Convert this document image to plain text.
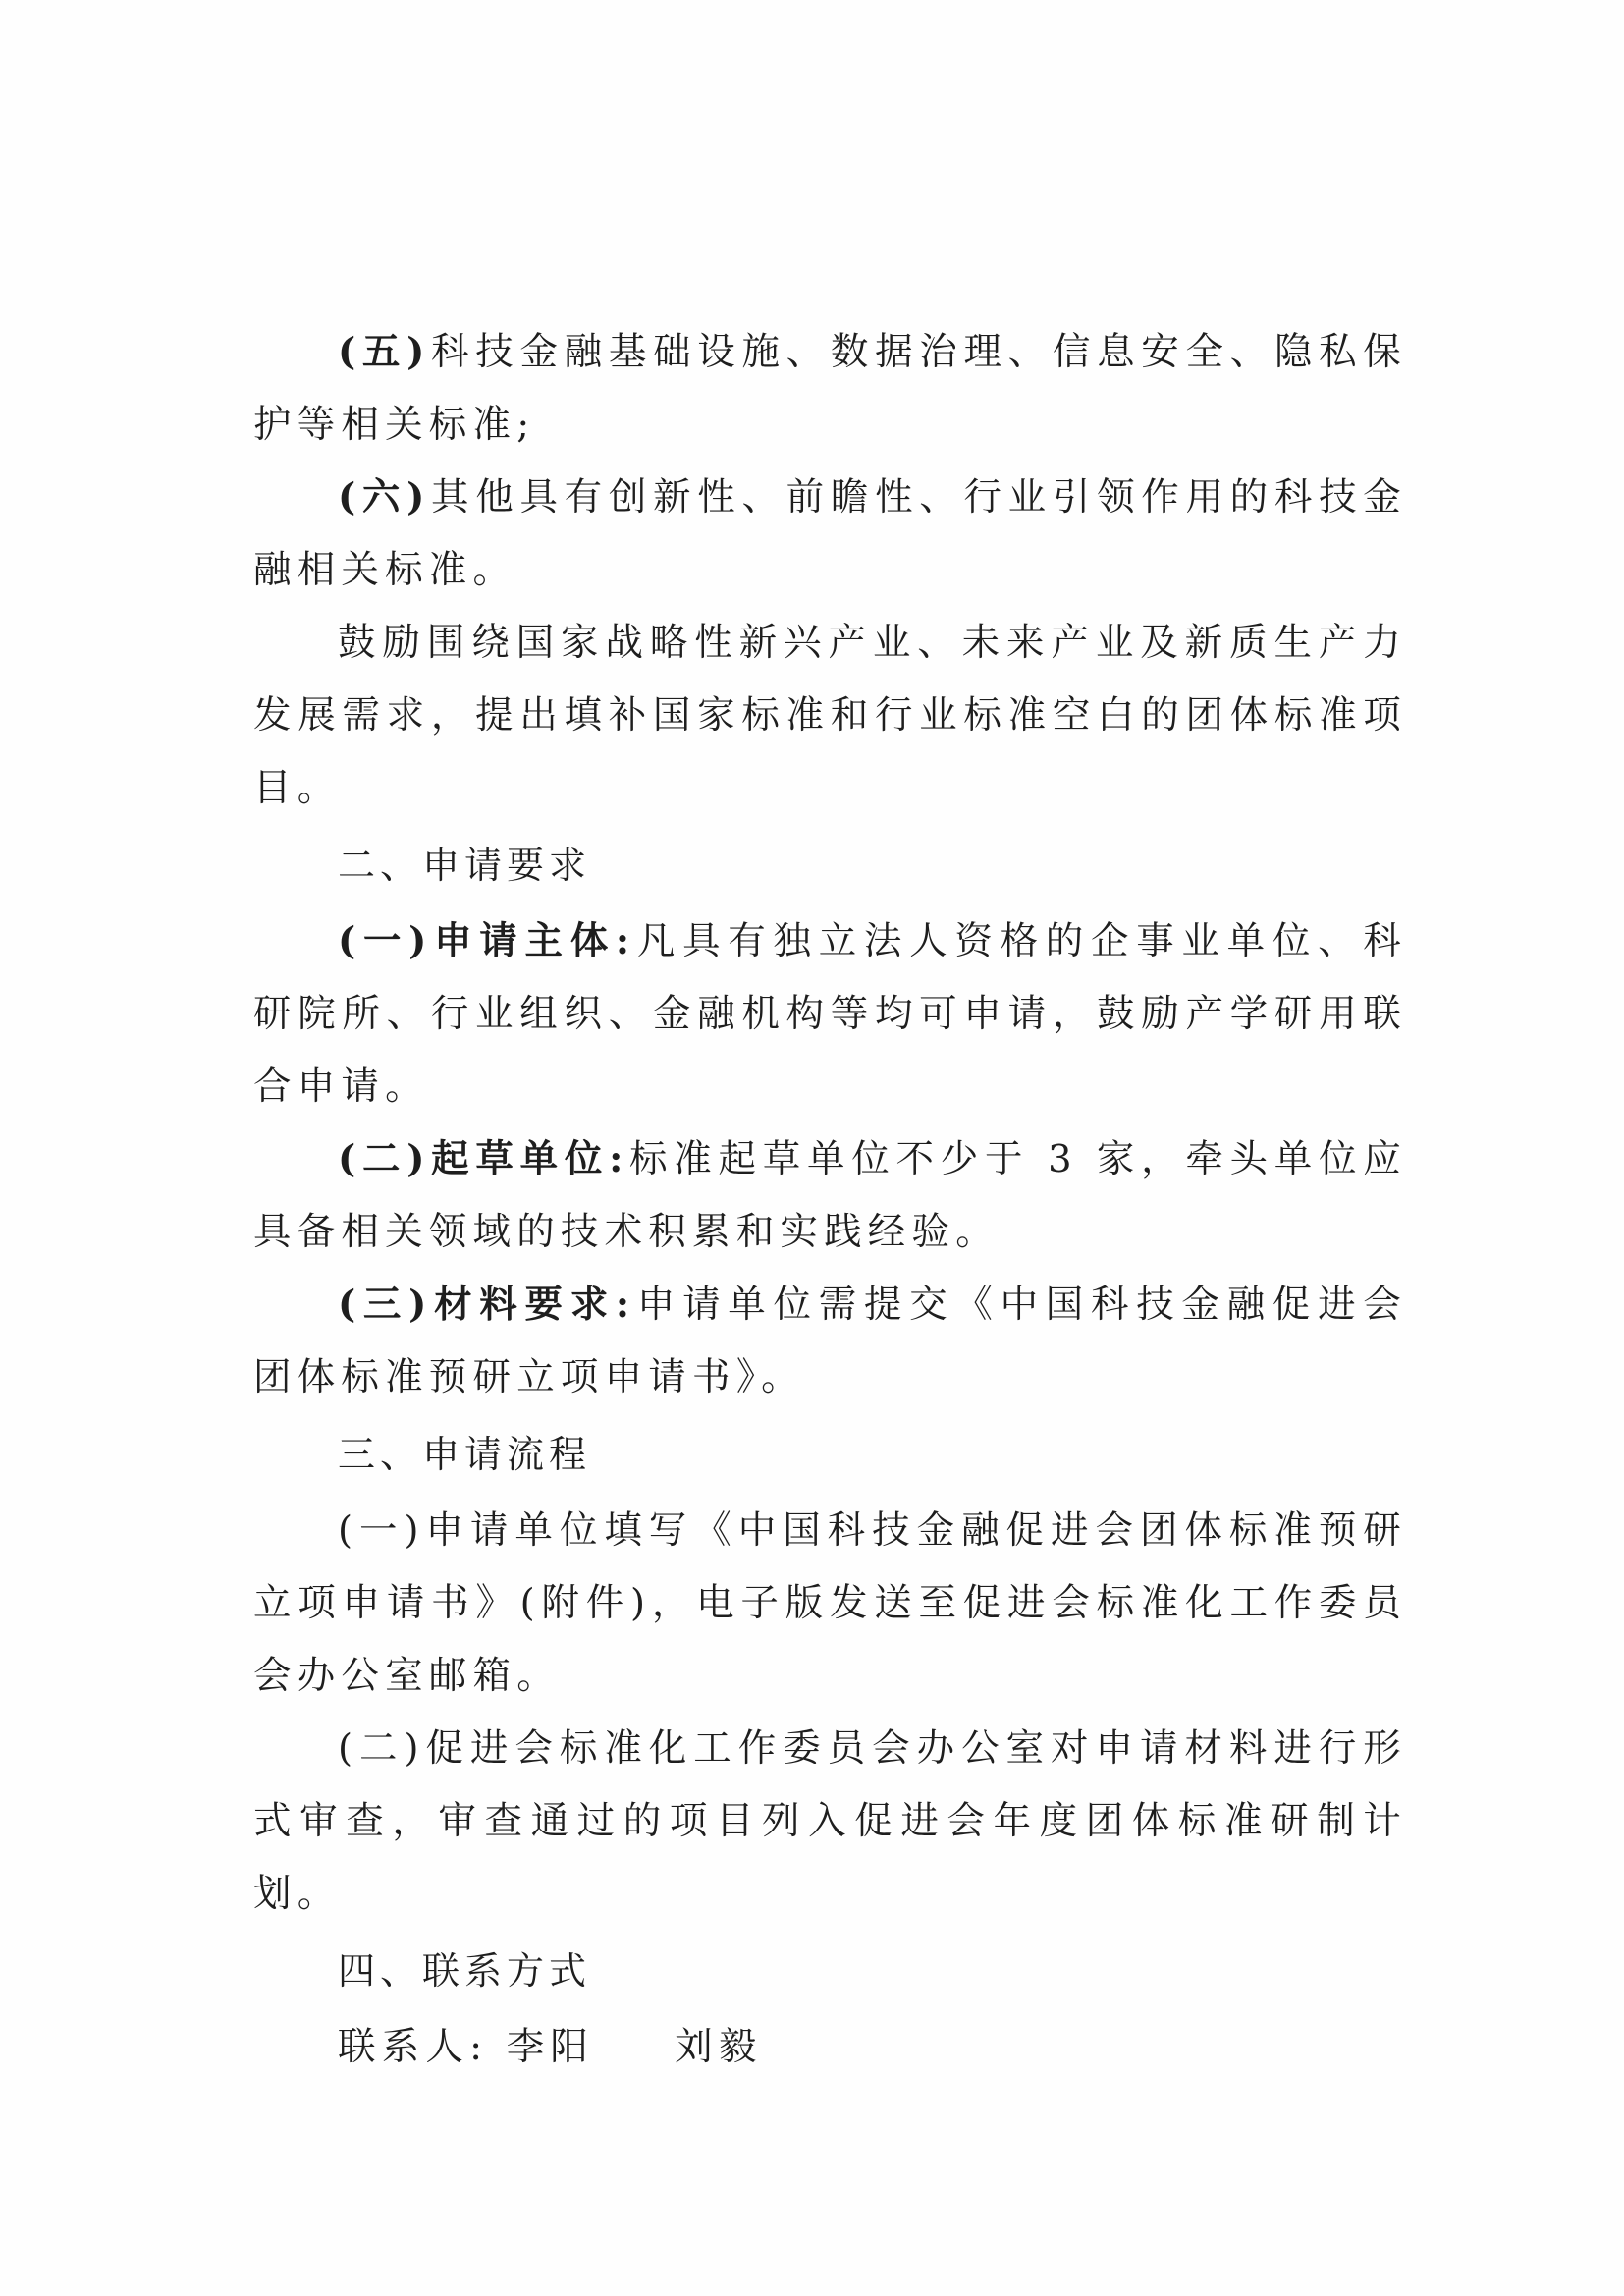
(五)科技金融基础设施、数据治理、信息安全、隐私保护等相关标准;

(六)其他具有创新性、前瞻性、行业引领作用的科技金融相关标准。

鼓励围绕国家战略性新兴产业、未来产业及新质生产力发展需求，提出填补国家标准和行业标准空白的团体标准项目。

二、申请要求

(一)申请主体:凡具有独立法人资格的企事业单位、科研院所、行业组织、金融机构等均可申请，鼓励产学研用联合申请。

(二)起草单位:标准起草单位不少于 3 家，牵头单位应具备相关领域的技术积累和实践经验。

(三)材料要求:申请单位需提交《中国科技金融促进会团体标准预研立项申请书》。

三、申请流程

(一)申请单位填写《中国科技金融促进会团体标准预研立项申请书》(附件)，电子版发送至促进会标准化工作委员会办公室邮箱。

(二)促进会标准化工作委员会办公室对申请材料进行形式审查，审查通过的项目列入促进会年度团体标准研制计划。

四、联系方式

联系人: 李阳 刘毅
